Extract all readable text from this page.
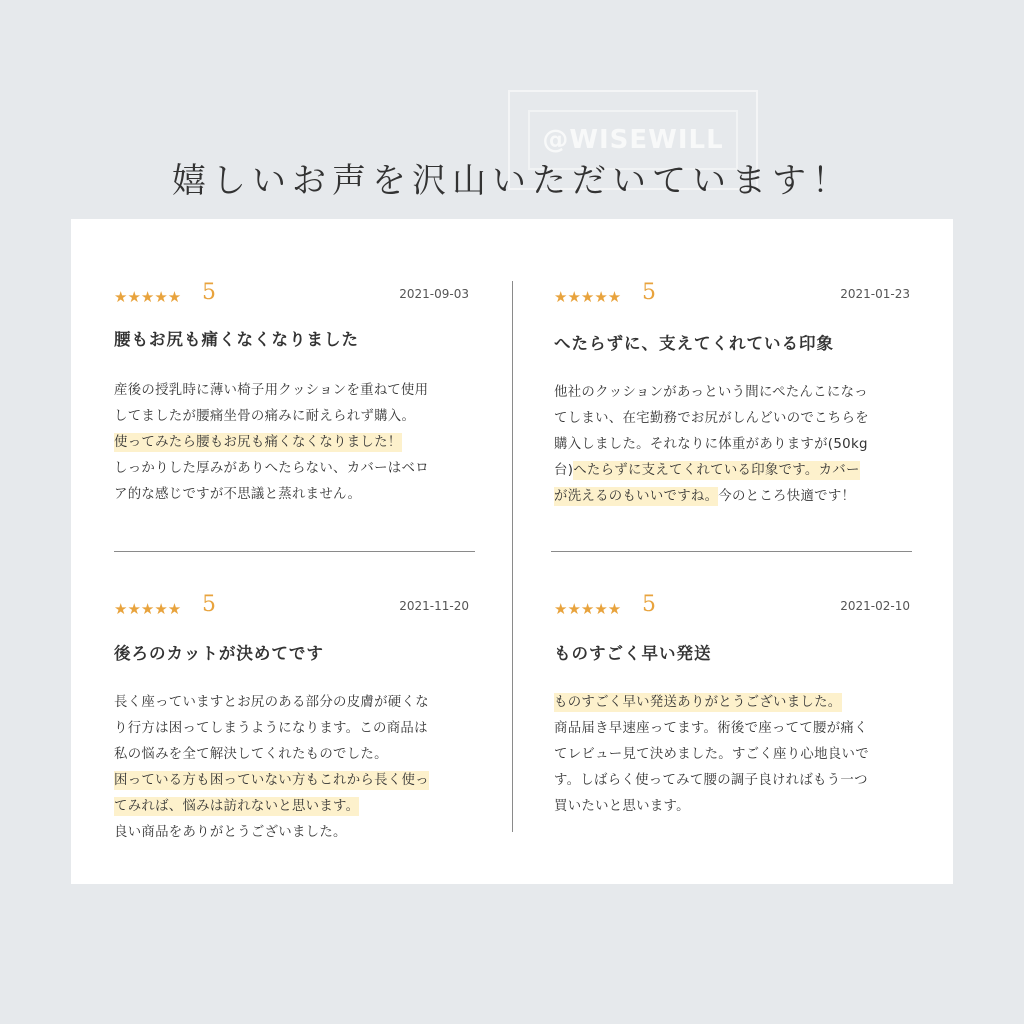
@WISEWILL
嬉しいお声を沢山いただいています！
★★★★★ 5	2021-09-03
腰もお尻も痛くなくなりました
産後の授乳時に薄い椅子用クッションを重ねて使用
してましたが腰痛坐骨の痛みに耐えられず購入。
使ってみたら腰もお尻も痛くなくなりました！
しっかりした厚みがありへたらない、カバーはベロ
ア的な感じですが不思議と蒸れません。
★★★★★ 5	2021-01-23
へたらずに、支えてくれている印象
他社のクッションがあっという間にぺたんこになっ
てしまい、在宅勤務でお尻がしんどいのでこちらを
購入しました。それなりに体重がありますが(50kg
台)へたらずに支えてくれている印象です。カバー
が洗えるのもいいですね。今のところ快適です！
★★★★★ 5	2021-11-20
後ろのカットが決めてです
長く座っていますとお尻のある部分の皮膚が硬くな
り行方は困ってしまうようになります。この商品は
私の悩みを全て解決してくれたものでした。
困っている方も困っていない方もこれから長く使っ
てみれば、悩みは訪れないと思います。
良い商品をありがとうございました。
★★★★★ 5	2021-02-10
ものすごく早い発送
ものすごく早い発送ありがとうございました。
商品届き早速座ってます。術後で座ってて腰が痛く
てレビュー見て決めました。すごく座り心地良いで
す。しばらく使ってみて腰の調子良ければもう一つ
買いたいと思います。
